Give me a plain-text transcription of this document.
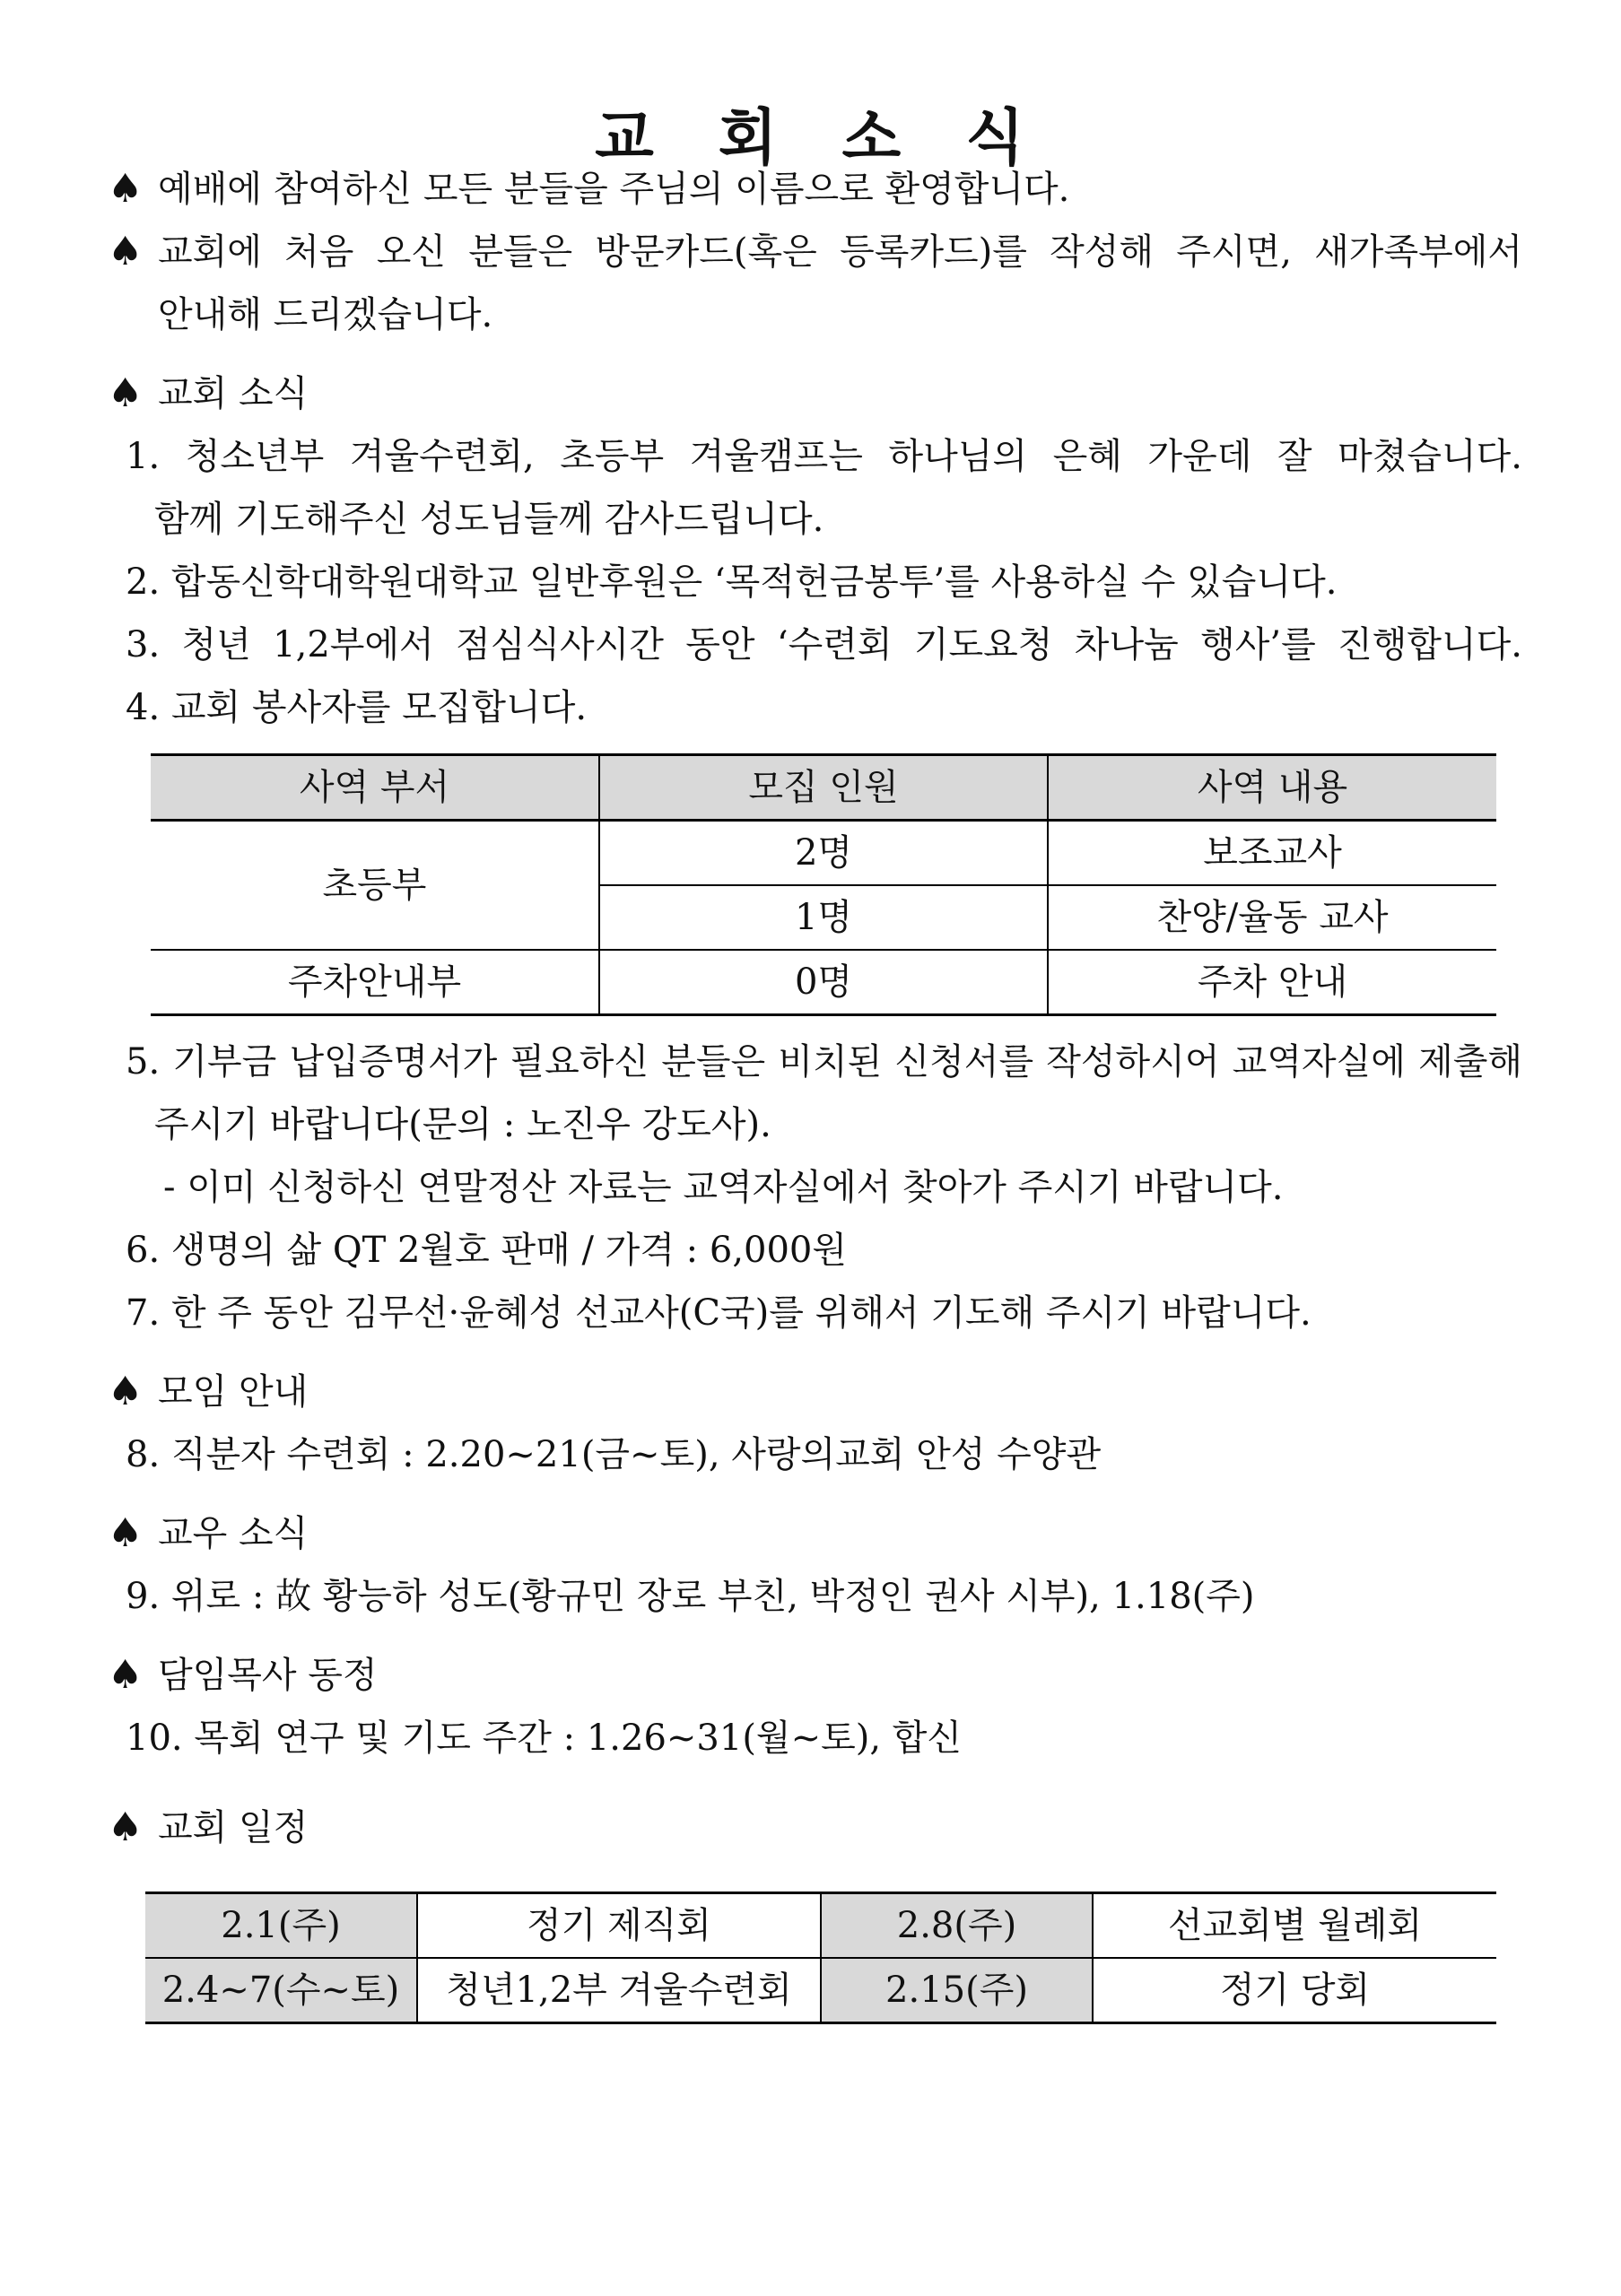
교 회 소 식
♠ 예배에 참여하신 모든 분들을 주님의 이름으로 환영합니다.
♠ 교회에 처음 오신 분들은 방문카드(혹은 등록카드)를 작성해 주시면, 새가족부에서
안내해 드리겠습니다.
♠ 교회 소식
1. 청소년부 겨울수련회, 초등부 겨울캠프는 하나님의 은혜 가운데 잘 마쳤습니다.
함께 기도해주신 성도님들께 감사드립니다.
2. 합동신학대학원대학교 일반후원은 ‘목적헌금봉투’를 사용하실 수 있습니다.
3. 청년 1,2부에서 점심식사시간 동안 ‘수련회 기도요청 차나눔 행사’를 진행합니다.
4. 교회 봉사자를 모집합니다.
사역 부서	모집 인원	사역 내용
초등부	2명	보조교사
	1명	찬양/율동 교사
주차안내부	0명	주차 안내
5. 기부금 납입증명서가 필요하신 분들은 비치된 신청서를 작성하시어 교역자실에 제출해
주시기 바랍니다(문의 : 노진우 강도사).
- 이미 신청하신 연말정산 자료는 교역자실에서 찾아가 주시기 바랍니다.
6. 생명의 삶 QT 2월호 판매 / 가격 : 6,000원
7. 한 주 동안 김무선·윤혜성 선교사(C국)를 위해서 기도해 주시기 바랍니다.
♠ 모임 안내
8. 직분자 수련회 : 2.20~21(금~토), 사랑의교회 안성 수양관
♠ 교우 소식
9. 위로 : 故 황능하 성도(황규민 장로 부친, 박정인 권사 시부), 1.18(주)
♠ 담임목사 동정
10. 목회 연구 및 기도 주간 : 1.26~31(월~토), 합신
♠ 교회 일정
2.1(주)	정기 제직회	2.8(주)	선교회별 월례회
2.4~7(수~토)	청년1,2부 겨울수련회	2.15(주)	정기 당회
